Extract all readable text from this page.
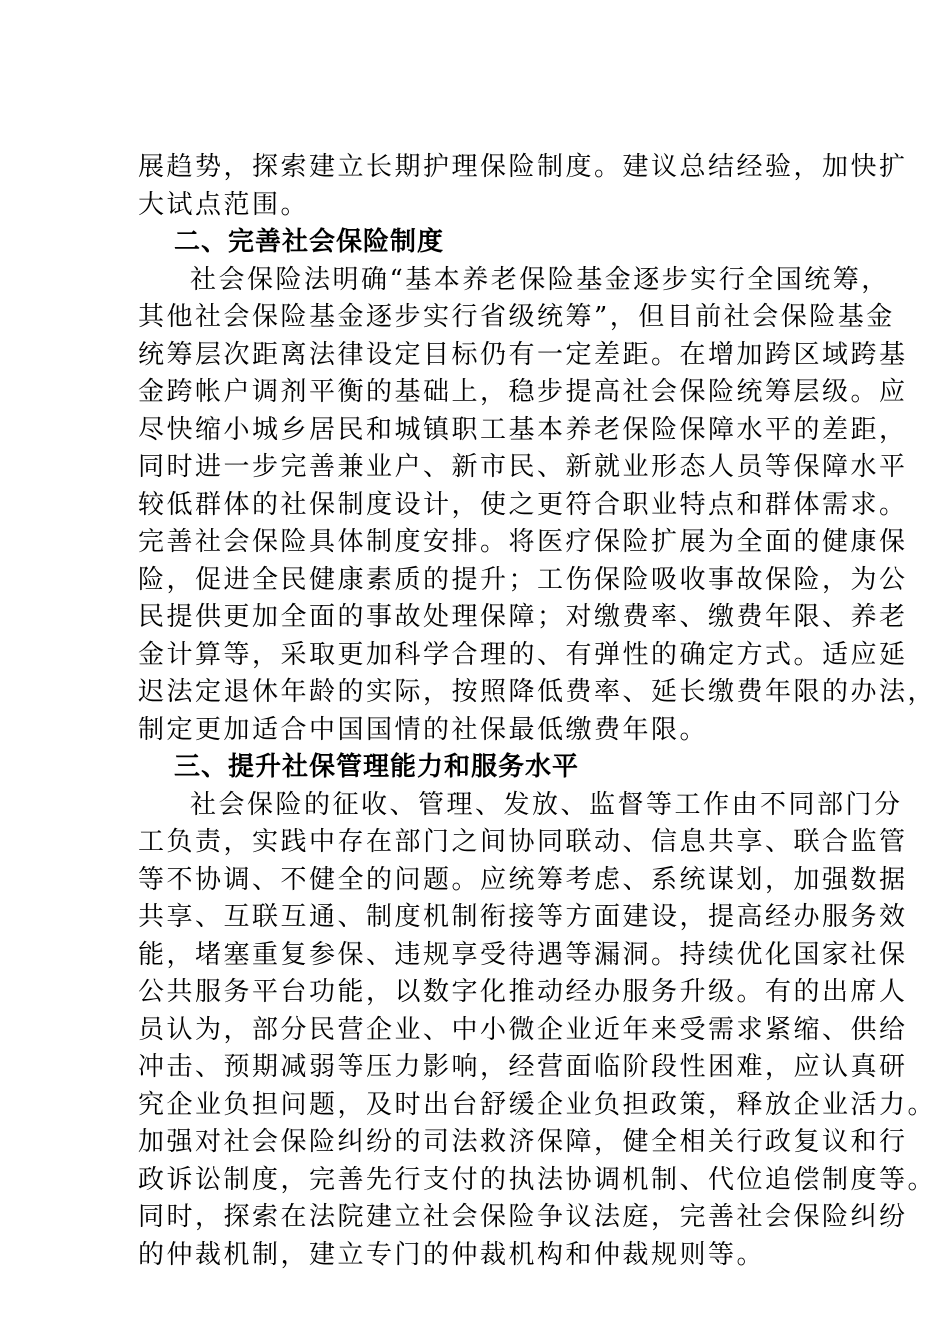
展趋势，探索建立长期护理保险制度。建议总结经验，加快扩
大试点范围。
二、完善社会保险制度
社会保险法明确“基本养老保险基金逐步实行全国统筹，
其他社会保险基金逐步实行省级统筹”，但目前社会保险基金
统筹层次距离法律设定目标仍有一定差距。在增加跨区域跨基
金跨帐户调剂平衡的基础上，稳步提高社会保险统筹层级。应
尽快缩小城乡居民和城镇职工基本养老保险保障水平的差距，
同时进一步完善兼业户、新市民、新就业形态人员等保障水平
较低群体的社保制度设计，使之更符合职业特点和群体需求。
完善社会保险具体制度安排。将医疗保险扩展为全面的健康保
险，促进全民健康素质的提升；工伤保险吸收事故保险，为公
民提供更加全面的事故处理保障；对缴费率、缴费年限、养老
金计算等，采取更加科学合理的、有弹性的确定方式。适应延
迟法定退休年龄的实际，按照降低费率、延长缴费年限的办法，
制定更加适合中国国情的社保最低缴费年限。
三、提升社保管理能力和服务水平
社会保险的征收、管理、发放、监督等工作由不同部门分
工负责，实践中存在部门之间协同联动、信息共享、联合监管
等不协调、不健全的问题。应统筹考虑、系统谋划，加强数据
共享、互联互通、制度机制衔接等方面建设，提高经办服务效
能，堵塞重复参保、违规享受待遇等漏洞。持续优化国家社保
公共服务平台功能，以数字化推动经办服务升级。有的出席人
员认为，部分民营企业、中小微企业近年来受需求紧缩、供给
冲击、预期减弱等压力影响，经营面临阶段性困难，应认真研
究企业负担问题，及时出台舒缓企业负担政策，释放企业活力。
加强对社会保险纠纷的司法救济保障，健全相关行政复议和行
政诉讼制度，完善先行支付的执法协调机制、代位追偿制度等。
同时，探索在法院建立社会保险争议法庭，完善社会保险纠纷
的仲裁机制，建立专门的仲裁机构和仲裁规则等。
